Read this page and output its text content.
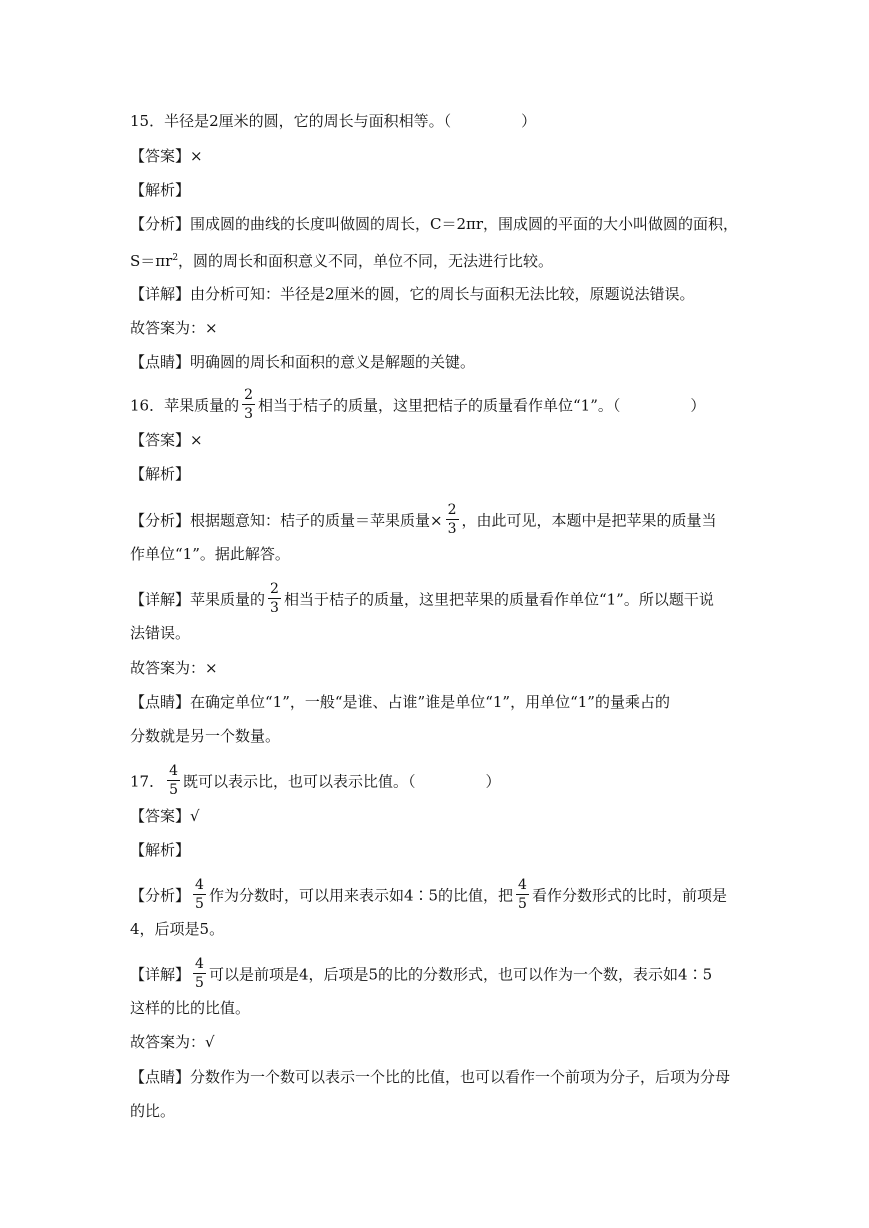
15．半径是2厘米的圆，它的周长与面积相等。（	）
【答案】×
【解析】
【分析】围成圆的曲线的长度叫做圆的周长，C＝2πr，围成圆的平面的大小叫做圆的面积，
$S=\pi r^2$，圆的周长和面积意义不同，单位不同，无法进行比较。
【详解】由分析可知：半径是2厘米的圆，它的周长与面积无法比较，原题说法错误。
故答案为：×
【点睛】明确圆的周长和面积的意义是解题的关键。
16．苹果质量的 $\frac{2}{3}$ 相当于桔子的质量，这里把桔子的质量看作单位“1”。（	）
【答案】×
【解析】
【分析】根据题意知：桔子的质量＝苹果质量× $\frac{2}{3}$ ，由此可见，本题中是把苹果的质量当
作单位“1”。据此解答。
【详解】苹果质量的 $\frac{2}{3}$ 相当于桔子的质量，这里把苹果的质量看作单位“1”。所以题干说
法错误。
故答案为：×
【点睛】在确定单位“1”，一般“是谁、占谁”谁是单位“1”，用单位“1”的量乘占的
分数就是另一个数量。
17． $\frac{4}{5}$ 既可以表示比，也可以表示比值。（	）
【答案】√
【解析】
【分析】 $\frac{4}{5}$ 作为分数时，可以用来表示如4∶5的比值，把 $\frac{4}{5}$ 看作分数形式的比时，前项是
4，后项是5。
【详解】 $\frac{4}{5}$ 可以是前项是4，后项是5的比的分数形式，也可以作为一个数，表示如4∶5
这样的比的比值。
故答案为：√
【点睛】分数作为一个数可以表示一个比的比值，也可以看作一个前项为分子，后项为分母
的比。
